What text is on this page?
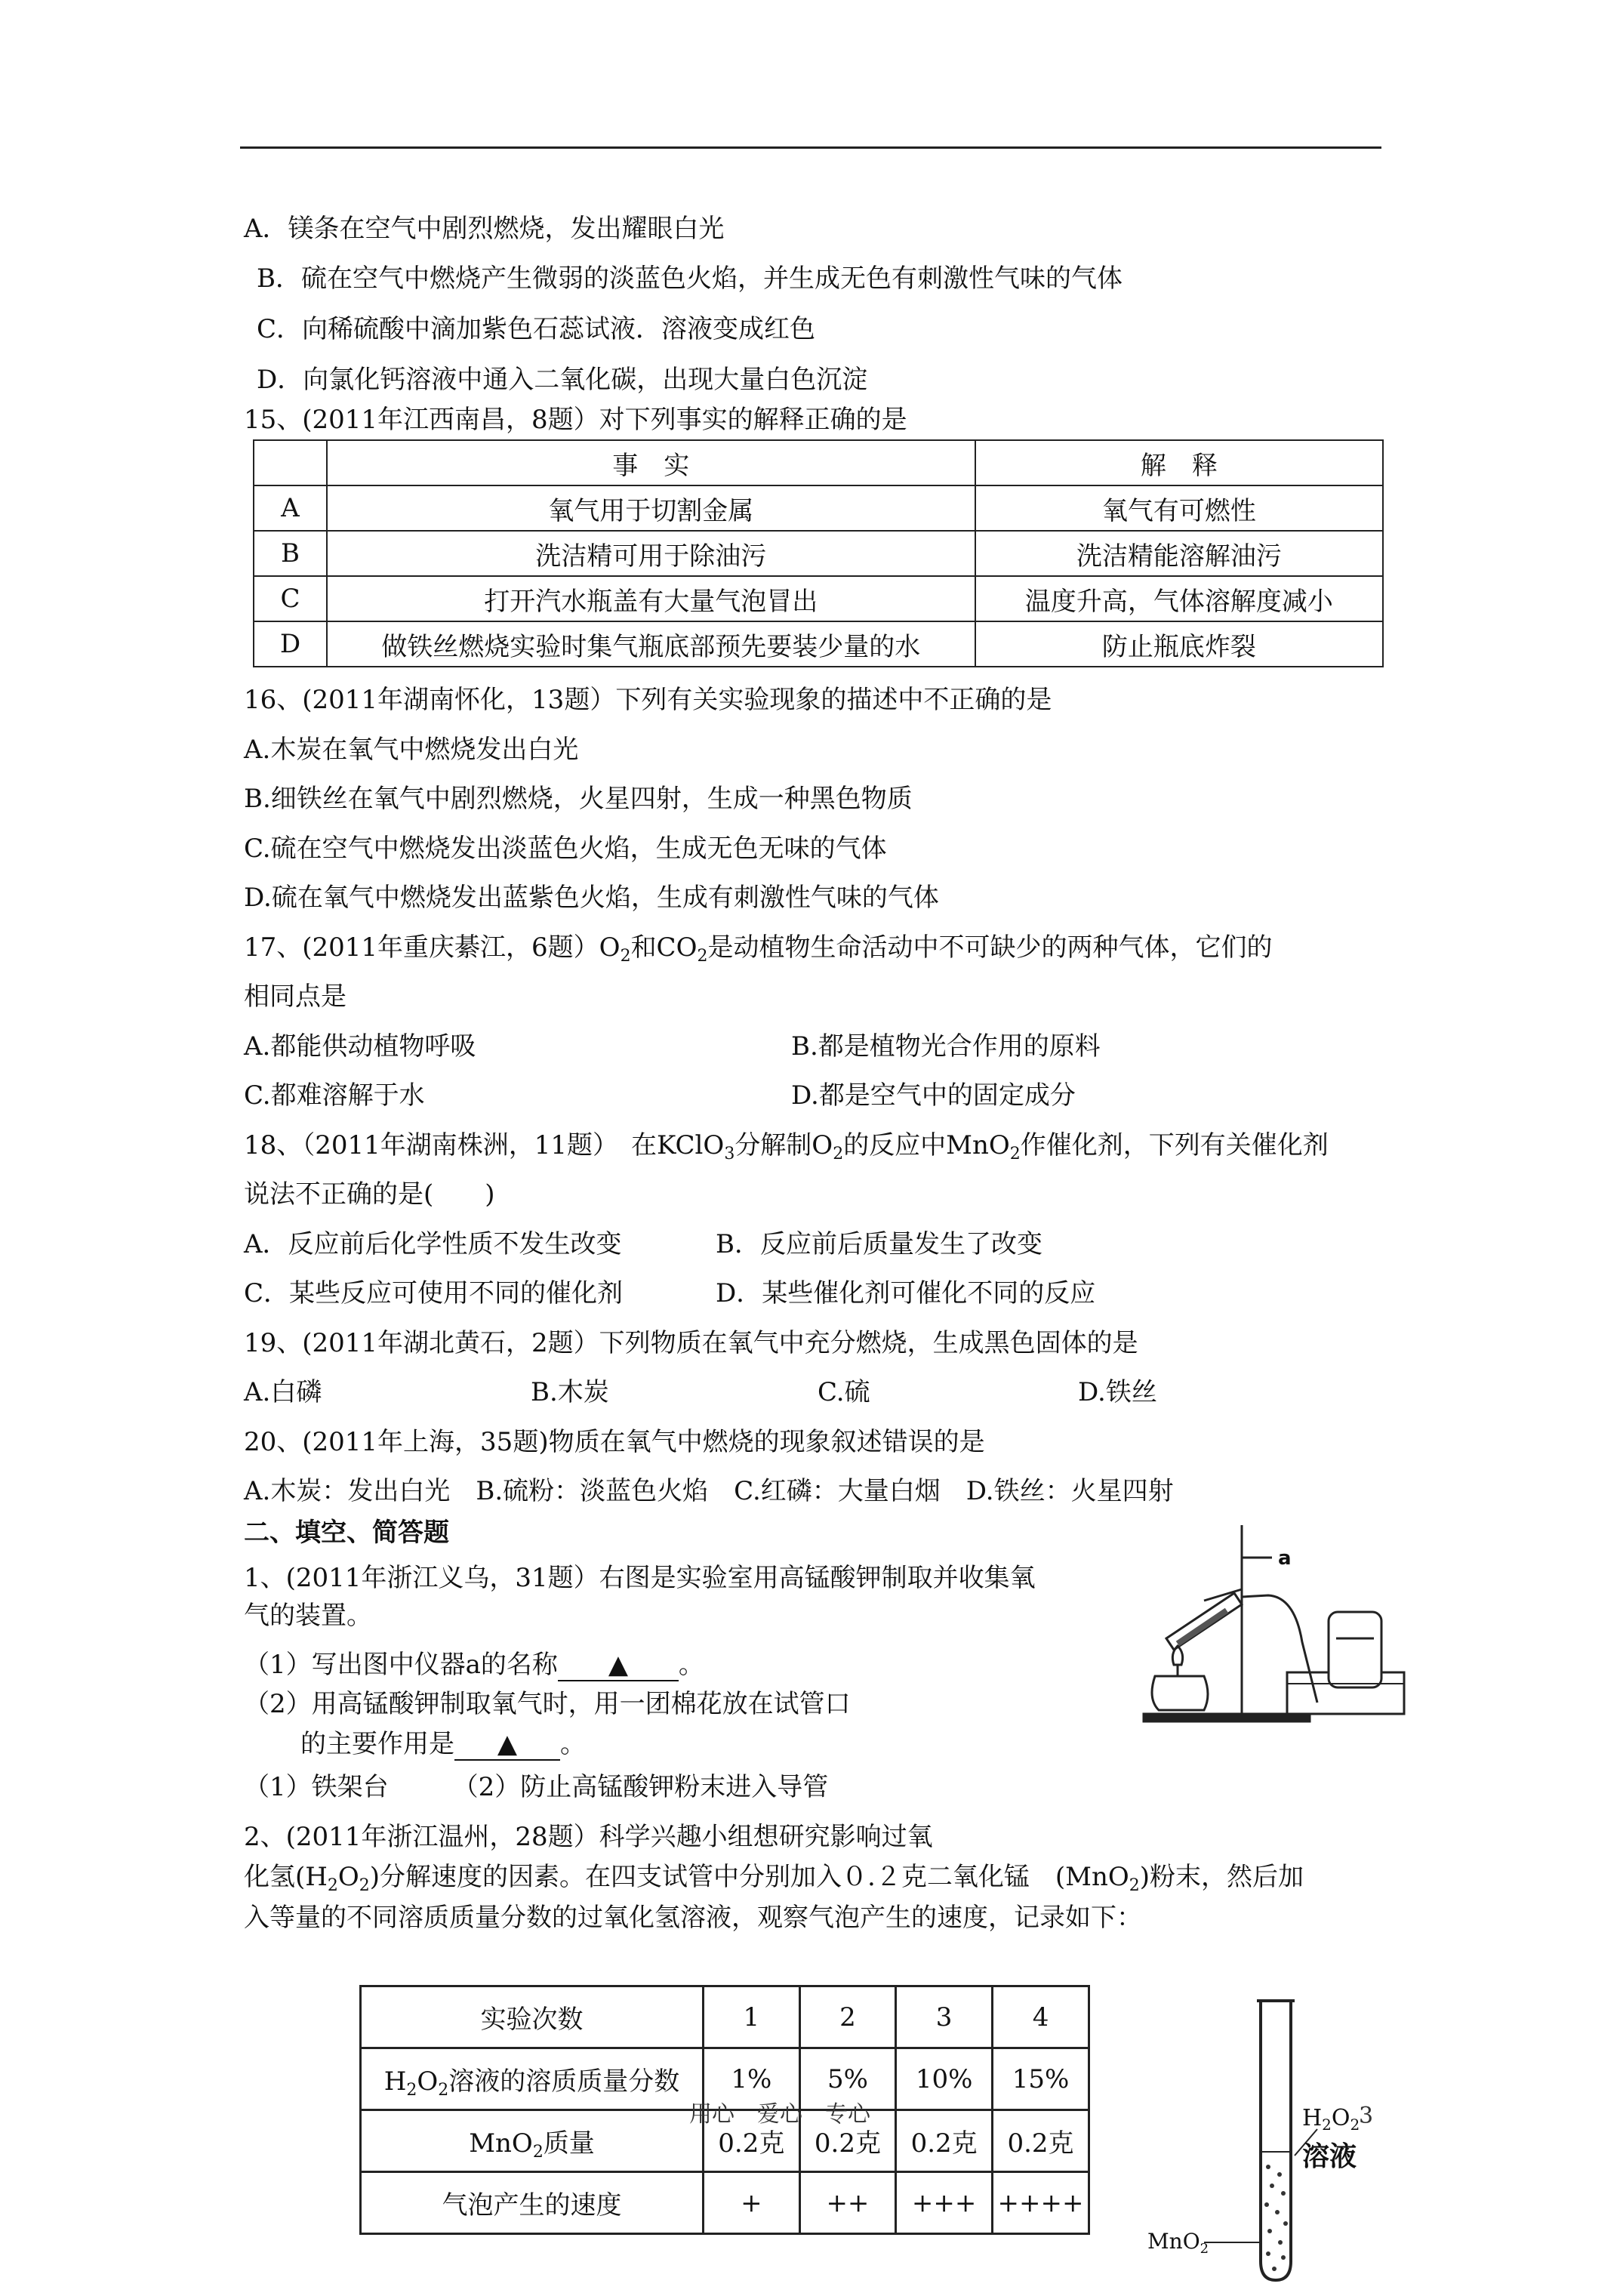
A．镁条在空气中剧烈燃烧，发出耀眼白光
B．硫在空气中燃烧产生微弱的淡蓝色火焰，并生成无色有刺激性气味的气体
C．向稀硫酸中滴加紫色石蕊试液．溶液变成红色
D．向氯化钙溶液中通入二氧化碳，出现大量白色沉淀
15、(2011年江西南昌，8题）对下列事实的解释正确的是
	事　实	解　释
A	氧气用于切割金属	氧气有可燃性
B	洗洁精可用于除油污	洗洁精能溶解油污
C	打开汽水瓶盖有大量气泡冒出	温度升高，气体溶解度减小
D	做铁丝燃烧实验时集气瓶底部预先要装少量的水	防止瓶底炸裂
16、(2011年湖南怀化，13题）下列有关实验现象的描述中不正确的是
A.木炭在氧气中燃烧发出白光
B.细铁丝在氧气中剧烈燃烧，火星四射，生成一种黑色物质
C.硫在空气中燃烧发出淡蓝色火焰，生成无色无味的气体
D.硫在氧气中燃烧发出蓝紫色火焰，生成有刺激性气味的气体
17、(2011年重庆綦江，6题）$O_2$和$CO_2$是动植物生命活动中不可缺少的两种气体，它们的
相同点是
A.都能供动植物呼吸	B.都是植物光合作用的原料
C.都难溶解于水	D.都是空气中的固定成分
18、（2011年湖南株洲，11题）　在KClO$_3$分解制$O_2$的反应中MnO$_2$作催化剂，下列有关催化剂
说法不正确的是(　　)
A．反应前后化学性质不发生改变	B．反应前后质量发生了改变
C．某些反应可使用不同的催化剂	D．某些催化剂可催化不同的反应
19、(2011年湖北黄石，2题）下列物质在氧气中充分燃烧，生成黑色固体的是
A.白磷	B.木炭	C.硫	D.铁丝
20、(2011年上海，35题)物质在氧气中燃烧的现象叙述错误的是
A.木炭：发出白光　B.硫粉：淡蓝色火焰　C.红磷：大量白烟　D.铁丝：火星四射
二、填空、简答题
1、(2011年浙江义乌，31题）右图是实验室用高锰酸钾制取并收集氧
气的装置。
（1）写出图中仪器a的名称 ▲ 。
（2）用高锰酸钾制取氧气时，用一团棉花放在试管口
的主要作用是 ▲ 。
（1）铁架台　　　（2）防止高锰酸钾粉末进入导管
a
2、(2011年浙江温州，28题）科学兴趣小组想研究影响过氧
化氢$(H_2O_2)$分解速度的因素。在四支试管中分别加入０.２克二氧化锰　(MnO$_2$)粉末，然后加
入等量的不同溶质质量分数的过氧化氢溶液，观察气泡产生的速度，记录如下：
实验次数	1	2	3	4
$H_2O_2$溶液的溶质质量分数	1%	5%	10%	15%
MnO$_2$质量	0.2克	0.2克	0.2克	0.2克
气泡产生的速度	+	++	+++	++++
$H_2O_2$
溶液
MnO$_2$
用心　爱心　专心	3
